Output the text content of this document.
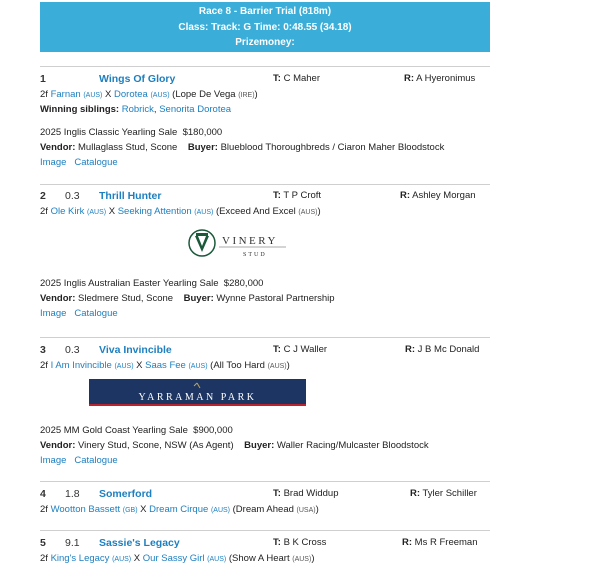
Race 8 - Barrier Trial (818m)
Class: Track: G Time: 0:48.55 (34.18)
Prizemoney:
1	Wings Of Glory	T: C Maher	R: A Hyeronimus
2f Farnan (AUS) X Dorotea (AUS) (Lope De Vega (IRE))
Winning siblings: Robrick, Senorita Dorotea
2025 Inglis Classic Yearling Sale $180,000
Vendor: Mullaglass Stud, Scone Buyer: Blueblood Thoroughbreds / Ciaron Maher Bloodstock
Image Catalogue
2 0.3 Thrill Hunter	T: T P Croft	R: Ashley Morgan
2f Ole Kirk (AUS) X Seeking Attention (AUS) (Exceed And Excel (AUS))
VINERY
STUD
2025 Inglis Australian Easter Yearling Sale $280,000
Vendor: Sledmere Stud, Scone Buyer: Wynne Pastoral Partnership
Image Catalogue
3 0.3 Viva Invincible	T: C J Waller	R: J B Mc Donald
2f I Am Invincible (AUS) X Saas Fee (AUS) (All Too Hard (AUS))
YARRAMAN PARK
2025 MM Gold Coast Yearling Sale $900,000
Vendor: Vinery Stud, Scone, NSW (As Agent) Buyer: Waller Racing/Mulcaster Bloodstock
Image Catalogue
4 1.8 Somerford	T: Brad Widdup	R: Tyler Schiller
2f Wootton Bassett (GB) X Dream Cirque (AUS) (Dream Ahead (USA))
5 9.1 Sassie's Legacy	T: B K Cross	R: Ms R Freeman
2f King's Legacy (AUS) X Our Sassy Girl (AUS) (Show A Heart (AUS))
